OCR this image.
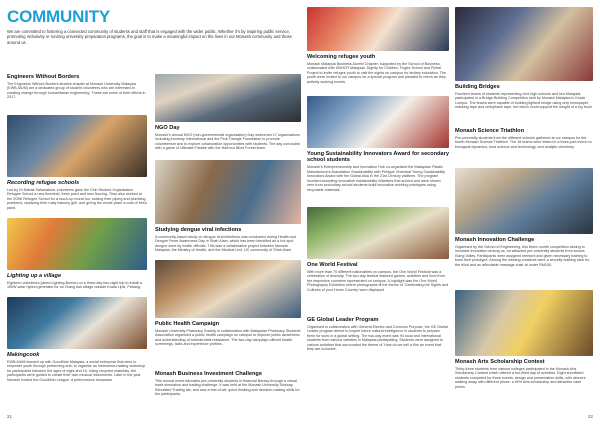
COMMUNITY
We are committed to fostering a connected community of students and staff that is engaged with the wider public. Whether it's by inspiring public service, promoting inclusivity or running university preparation programs, the goal is to make a meaningful impact on the lives in our Monash community and those around us.
Engineers Without Borders
The Engineers Without Borders student chapter at Monash University Malaysia (EWB-MUM) are a dedicated group of student volunteers who are interested in creating change through humanitarian engineering. These are some of their efforts in 2017.
Recording refugee schools
Led by Dr Babak Salamatinia, volunteers gave the Chin Student Organisation Refugee School a new threefold, fresh paint and new flooring. They also worked at the ZOMI Refugee School for a touch-up mural too, solving their piping and plumbing problems, replacing their rusty balcony grill, and giving the whole place a coat of fresh paint.
Lighting up a village
Eighteen volunteers joined Lighting-Borneo on a three-day two-night trip to install a 10kW solar hybrid generator for an Orang Asli village outside Kuala Lipis, Pahang.
Makingcook
EWB-MUM teamed up with GoodMob Malaysia, a social enterprise that aims to empower youth through performing arts, to organise an instrument-making workshop for participants between the ages of eight and 16. Using recycled materials, the participants were guided to create their own musical instruments. Later in the year Monash hosted the GoodMob League, a performance showcase.
21
NGO Day
Monash's annual NGO (non-governmental organisation) Day welcomed 17 organisations including Amnesty International and the Pink Triangle Foundation to promote volunteerism and to explore collaboration opportunities with students. The day concluded with a game of Ultimate Frisbee with the Harbour Blind Forest team.
Studying dengue viral infections
A community-based study on dengue viral infections was conducted during Health and Dengue Fever Awareness Day in Shah Alam, which has been identified as a hot spot dengue zone by health officials. This was a collaborative project between Monash Malaysia, the Ministry of Health, and the Medical Unit, UC community of Shah Alam.
Public Health Campaign
Monash University Pharmacy Society in collaboration with Malaysian Pharmacy Students' Association organised a public health campaign on campus to improve public awareness and understanding of antimicrobial resistance. The two-day campaign offered health screenings, talks and experience profiles.
Monash Business Investment Challenge
This annual event educates pre-university students in financial literacy through a virtual trade simulation and trading challenge. It was held at the Monash University Sunway Simulated Trading lab, and was a test of wit, quick thinking and decision-making skills for the participants.
Welcoming refugee youth
Monash Malaysia Business Alumni Chapter, supported by the School of Business, collaborated with UNHCR Malaysia, Dignity for Children, Fugee School and Pichai Project to invite refugee youth to visit the sights on campus for tertiary education. The youth were invited to our campus for a special program and pleaded to return as they actively working events.
Young Sustainability Innovators Award for secondary school students
Monash's Entrepreneurship and Innovation Hub co-organised the Malaysian Plastic Manufacturers Association Sustainability with Philippe Chemical Young Sustainability Innovators Award with the Global Asia in the 21st Century platform. The program involved accepting innovative sustainability initiatives that arrived and were shown here from secondary school students build innovative working prototypes using recyclable materials.
One World Festival
With more than 70 different nationalities on campus, the One World Festival was a celebration of diversity. The two-day festival featured games, activities and food from the respective countries represented on campus. A highlight was the One World Photography Exhibition where photographs fit the theme of 'Celebrating the Sights and Cultures of your Home Country' were displayed.
GE Global Leader Program
Organised in collaboration with General Electric and Common Purpose, the GE Global Leader program aimed to inspire future cultural intelligence in students to prepare them for work in a global setting. The two-day event saw 94 local and international students from various varieties in Malaysia participating. Students were assigned to various activities that surrounded the theme of 'How do we sell a film an event that they are inclusive'.
Building Bridges
Fourteen teams of students representing nine high schools and two Malaysia participated in a Bridge-Building Competition held by Monash Malaysia in Kuala Lumpur. The teams were capable of building lightest bridge using only newspaper, masking tape and cellophane tape, but which could support the weight of a toy truck.
Monash Science Triathlon
Pre-university students from the different schools gathered at our campus for the fourth Monash Science Triathlon. The 18 teams were tested in a three-part event on biological dynamics, food science and technology, and analytic chemistry.
Monash Innovation Challenge
Organised by the School of Engineering, this three-month competition aiming to inculcate innovation among us, an attracted pre-university students from across Klang Valley. Participants were assigned mentors and given necessary training to build their prototype. Among the winning creations were a security walking stick for the blind and an affordable massage chair at under RM100.
Monash Arts Scholarship Contest
Thirty-three students from various colleges participated in the Monash Arts Scholarship Contest which offered a fun-filled day of activities. Eight shortlisted students competed for three events: design and presentation skills, with winners walking away with different prizes: a 50% Arts scholarship and attractive cash prizes.
22
